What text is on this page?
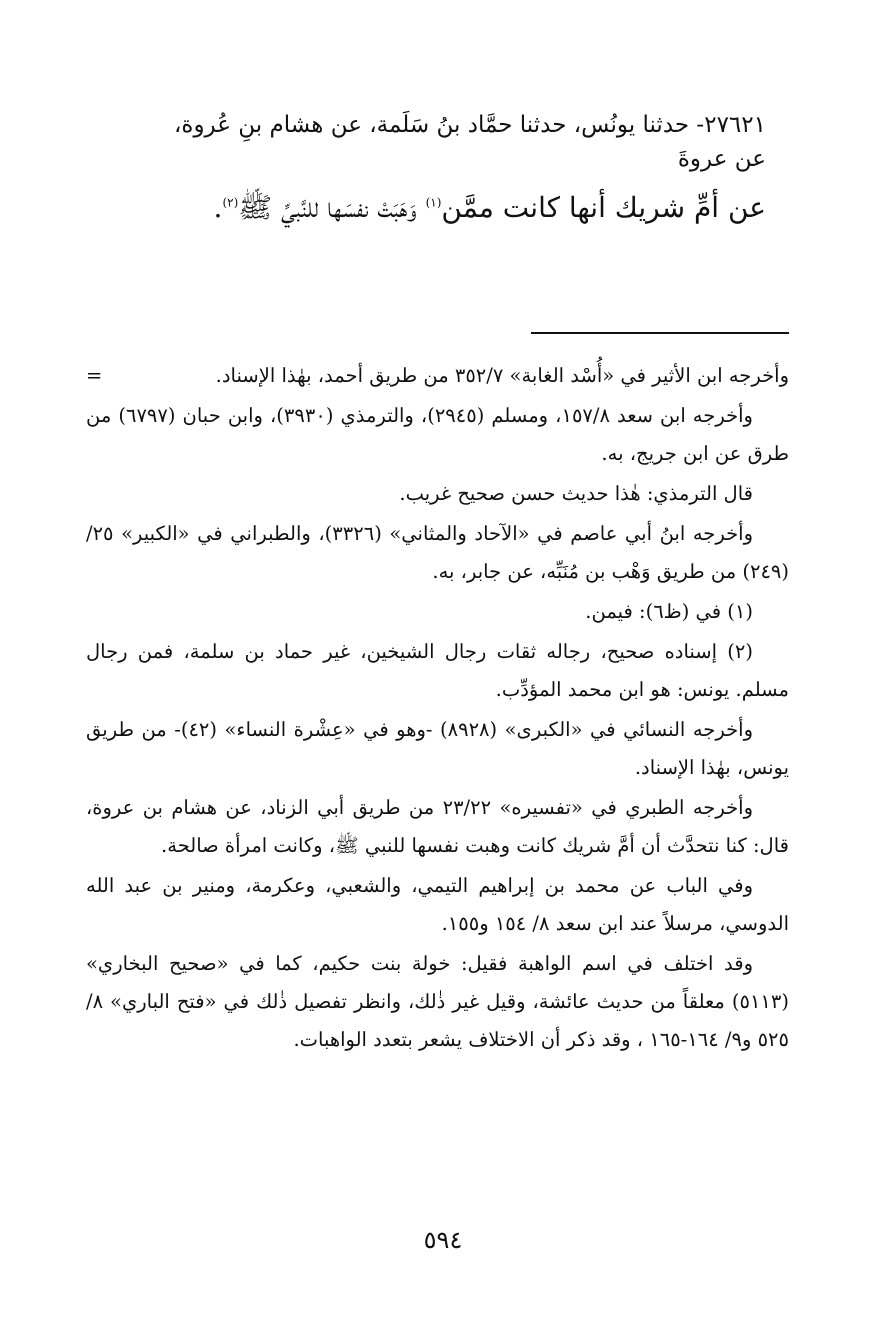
٢٧٦٢١- حدثنا يونُس، حدثنا حمَّاد بنُ سَلَمة، عن هشام بنِ عُروة،

عن عروةَ

عن أمِّ شريك أنها كانت ممَّن$^{(١)}$ وَهَبَتْ نفسَها للنَّبيِّ ﷺ$^{(٢)}$.

=	وأخرجه ابن الأثير في «أُسْد الغابة» ٣٥٢/٧ من طريق أحمد، بهٰذا الإسناد.

وأخرجه ابن سعد ١٥٧/٨، ومسلم (٢٩٤٥)، والترمذي (٣٩٣٠)، وابن حبان (٦٧٩٧) من طرق عن ابن جريج، به.

قال الترمذي: هٰذا حديث حسن صحيح غريب.

وأخرجه ابنُ أبي عاصم في «الآحاد والمثاني» (٣٣٢٦)، والطبراني في «الكبير» ٢٥/ (٢٤٩) من طريق وَهْب بن مُنَبِّه، عن جابر، به.

(١) في (ظ٦): فيمن.

(٢) إسناده صحيح، رجاله ثقات رجال الشيخين، غير حماد بن سلمة، فمن رجال مسلم. يونس: هو ابن محمد المؤدِّب.

وأخرجه النسائي في «الكبرى» (٨٩٢٨) -وهو في «عِشْرة النساء» (٤٢)- من طريق يونس، بهٰذا الإسناد.

وأخرجه الطبري في «تفسيره» ٢٣/٢٢ من طريق أبي الزناد، عن هشام بن عروة، قال: كنا نتحدَّث أن أمَّ شريك كانت وهبت نفسها للنبي ﷺ، وكانت امرأة صالحة.

وفي الباب عن محمد بن إبراهيم التيمي، والشعبي، وعكرمة، ومنير بن عبد الله الدوسي، مرسلاً عند ابن سعد ٨/ ١٥٤ و١٥٥.

وقد اختلف في اسم الواهبة فقيل: خولة بنت حكيم، كما في «صحيح البخاري» (٥١١٣) معلقاً من حديث عائشة، وقيل غير ذٰلك، وانظر تفصيل ذٰلك في «فتح الباري» ٨/ ٥٢٥ و٩/ ١٦٤-١٦٥ ، وقد ذكر أن الاختلاف يشعر بتعدد الواهبات.

٥٩٤
